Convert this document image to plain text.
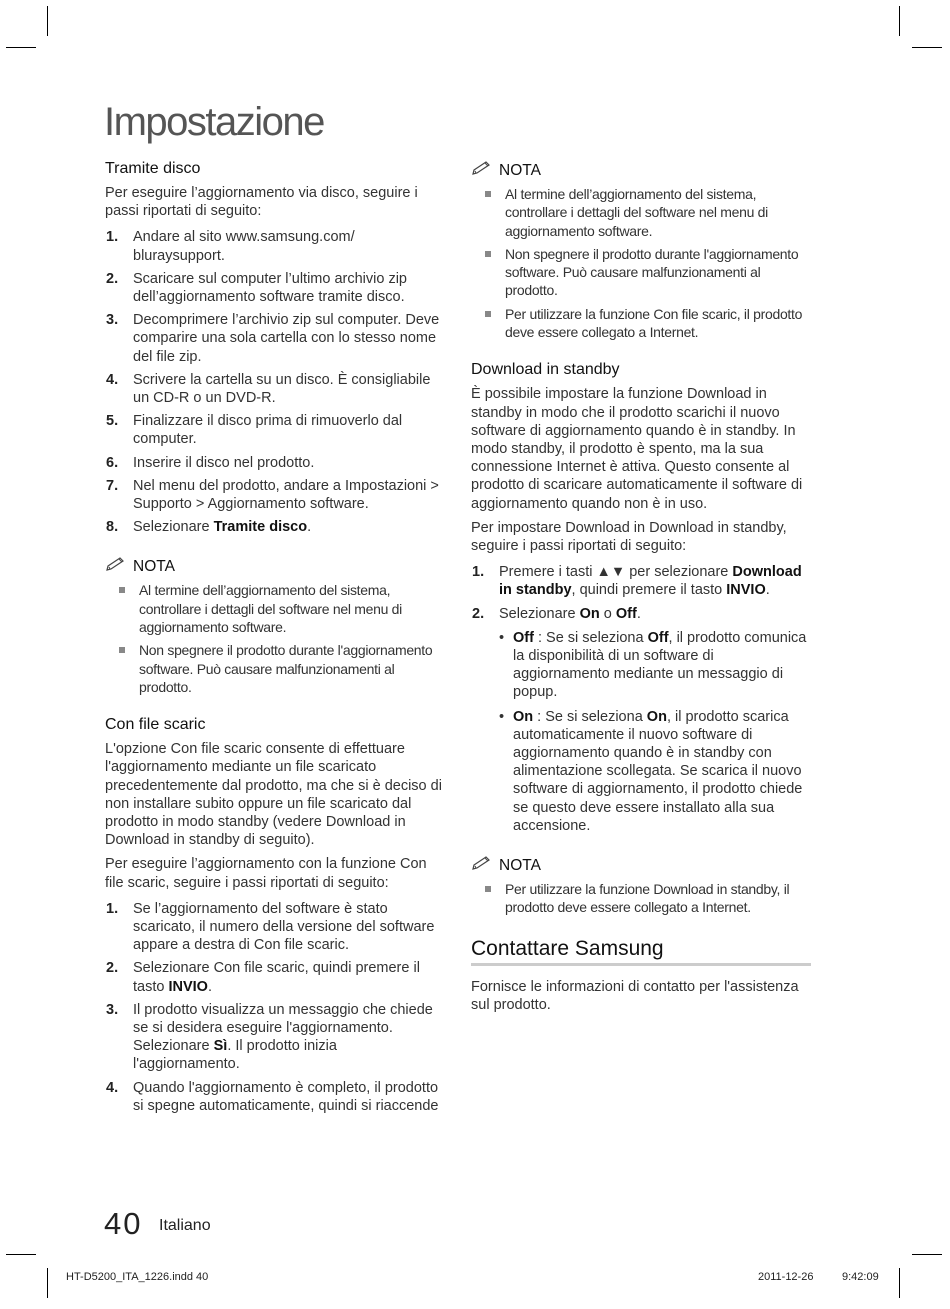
Impostazione
Tramite disco

Per eseguire l’aggiornamento via disco, seguire i passi riportati di seguito:

1. Andare al sito www.samsung.com/ bluraysupport.
2. Scaricare sul computer l’ultimo archivio zip dell’aggiornamento software tramite disco.
3. Decomprimere l’archivio zip sul computer. Deve comparire una sola cartella con lo stesso nome del file zip.
4. Scrivere la cartella su un disco. È consigliabile un CD-R o un DVD-R.
5. Finalizzare il disco prima di rimuoverlo dal computer.
6. Inserire il disco nel prodotto.
7. Nel menu del prodotto, andare a Impostazioni > Supporto > Aggiornamento software.
8. Selezionare Tramite disco.
NOTA
Al termine dell’aggiornamento del sistema, controllare i dettagli del software nel menu di aggiornamento software.
Non spegnere il prodotto durante l'aggiornamento software. Può causare malfunzionamenti al prodotto.
Con file scaric

L'opzione Con file scaric consente di effettuare l'aggiornamento mediante un file scaricato precedentemente dal prodotto, ma che si è deciso di non installare subito oppure un file scaricato dal prodotto in modo standby (vedere Download in Download in standby di seguito).

Per eseguire l’aggiornamento con la funzione Con file scaric, seguire i passi riportati di seguito:

1. Se l’aggiornamento del software è stato scaricato, il numero della versione del software appare a destra di Con file scaric.
2. Selezionare Con file scaric, quindi premere il tasto INVIO.
3. Il prodotto visualizza un messaggio che chiede se si desidera eseguire l'aggiornamento. Selezionare Sì. Il prodotto inizia l'aggiornamento.
4. Quando l'aggiornamento è completo, il prodotto si spegne automaticamente, quindi si riaccende
NOTA
Al termine dell’aggiornamento del sistema, controllare i dettagli del software nel menu di aggiornamento software.
Non spegnere il prodotto durante l'aggiornamento software. Può causare malfunzionamenti al prodotto.
Per utilizzare la funzione Con file scaric, il prodotto deve essere collegato a Internet.
Download in standby

È possibile impostare la funzione Download in standby in modo che il prodotto scarichi il nuovo software di aggiornamento quando è in standby. In modo standby, il prodotto è spento, ma la sua connessione Internet è attiva. Questo consente al prodotto di scaricare automaticamente il software di aggiornamento quando non è in uso.

Per impostare Download in Download in standby, seguire i passi riportati di seguito:

1. Premere i tasti ▲▼ per selezionare Download in standby, quindi premere il tasto INVIO.
2. Selezionare On o Off.
• Off : Se si seleziona Off, il prodotto comunica la disponibilità di un software di aggiornamento mediante un messaggio di popup.
• On : Se si seleziona On, il prodotto scarica automaticamente il nuovo software di aggiornamento quando è in standby con alimentazione scollegata. Se scarica il nuovo software di aggiornamento, il prodotto chiede se questo deve essere installato alla sua accensione.
NOTA
Per utilizzare la funzione Download in standby, il prodotto deve essere collegato a Internet.
Contattare Samsung

Fornisce le informazioni di contatto per l'assistenza sul prodotto.

40 Italiano
HT-D5200_ITA_1226.indd 40	2011-12-26	9:42:09
